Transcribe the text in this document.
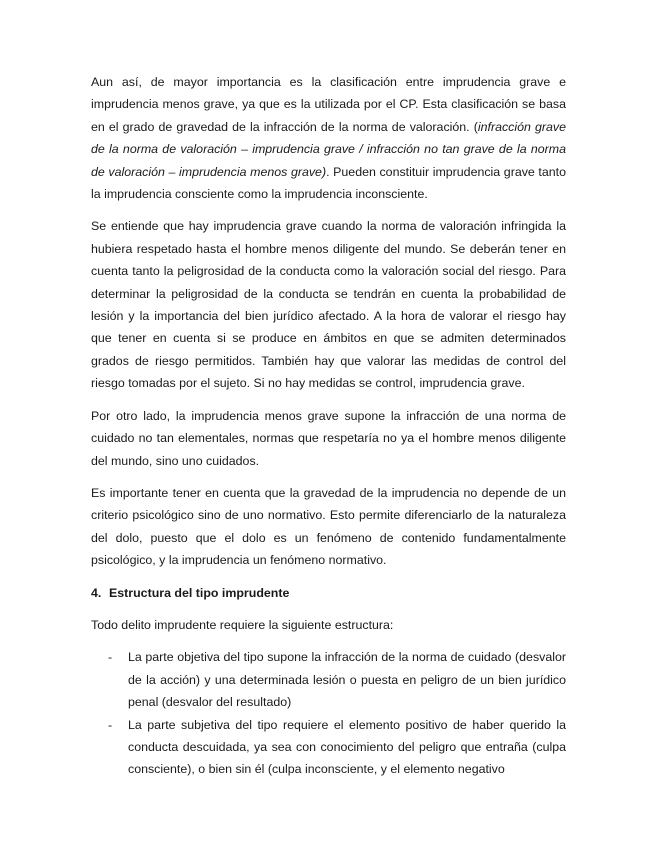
Aun así, de mayor importancia es la clasificación entre imprudencia grave e imprudencia menos grave, ya que es la utilizada por el CP. Esta clasificación se basa en el grado de gravedad de la infracción de la norma de valoración. (infracción grave de la norma de valoración – imprudencia grave / infracción no tan grave de la norma de valoración – imprudencia menos grave). Pueden constituir imprudencia grave tanto la imprudencia consciente como la imprudencia inconsciente.

Se entiende que hay imprudencia grave cuando la norma de valoración infringida la hubiera respetado hasta el hombre menos diligente del mundo. Se deberán tener en cuenta tanto la peligrosidad de la conducta como la valoración social del riesgo. Para determinar la peligrosidad de la conducta se tendrán en cuenta la probabilidad de lesión y la importancia del bien jurídico afectado. A la hora de valorar el riesgo hay que tener en cuenta si se produce en ámbitos en que se admiten determinados grados de riesgo permitidos. También hay que valorar las medidas de control del riesgo tomadas por el sujeto. Si no hay medidas se control, imprudencia grave.

Por otro lado, la imprudencia menos grave supone la infracción de una norma de cuidado no tan elementales, normas que respetaría no ya el hombre menos diligente del mundo, sino uno cuidados.

Es importante tener en cuenta que la gravedad de la imprudencia no depende de un criterio psicológico sino de uno normativo. Esto permite diferenciarlo de la naturaleza del dolo, puesto que el dolo es un fenómeno de contenido fundamentalmente psicológico, y la imprudencia un fenómeno normativo.

4. Estructura del tipo imprudente

Todo delito imprudente requiere la siguiente estructura:

- La parte objetiva del tipo supone la infracción de la norma de cuidado (desvalor de la acción) y una determinada lesión o puesta en peligro de un bien jurídico penal (desvalor del resultado)
- La parte subjetiva del tipo requiere el elemento positivo de haber querido la conducta descuidada, ya sea con conocimiento del peligro que entraña (culpa consciente), o bien sin él (culpa inconsciente, y el elemento negativo
